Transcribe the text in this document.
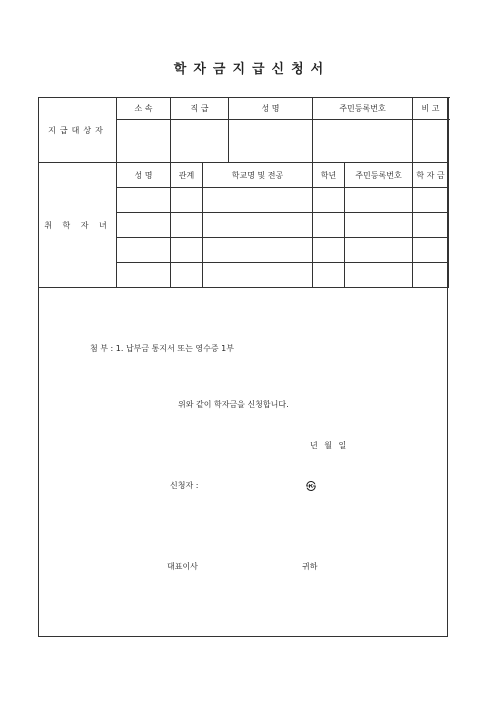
학자금지급신청서
지급대상자	소 속	직 급		성 명	주민등록번호		비 고

취 학 자 녀	성 명	관계	학교명 및 전공		학년	주민등록번호	학 자 금

첨 부 : 1. 납부금 통지서 또는 영수증 1부
위와 같이 학자금을 신청합니다.
년 월 일
신청자 :	㉿
대표이사	귀하
